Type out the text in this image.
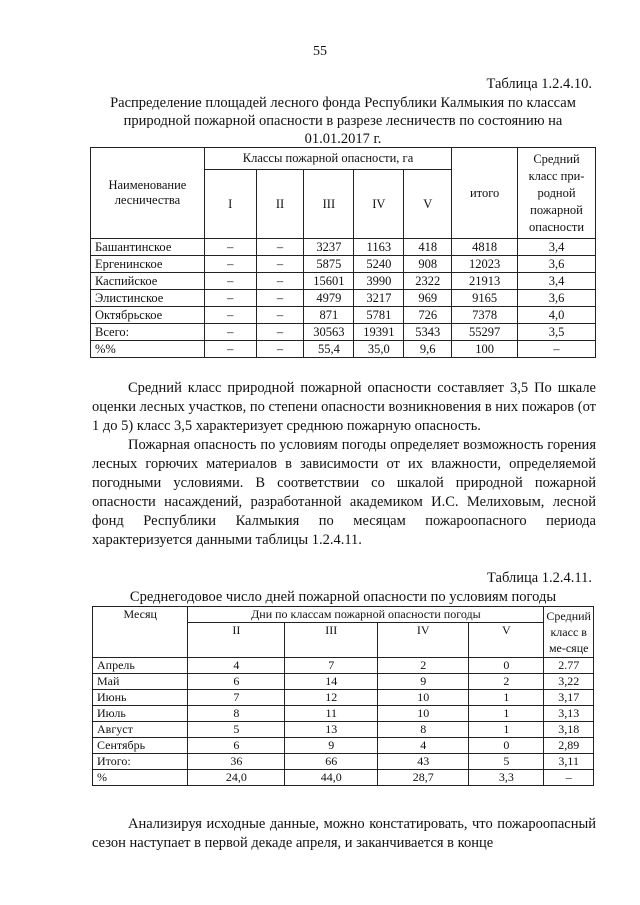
55
Таблица 1.2.4.10.
Распределение площадей лесного фонда Республики Калмыкия по классам природной пожарной опасности в разрезе лесничеств по состоянию на 01.01.2017 г.
Наименование лесничества	Классы пожарной опасности, га					итого	Средний класс при-родной пожарной опасности
	I	II	III	IV	V		
Башантинское	–	–	3237	1163	418	4818	3,4
Ергенинское	–	–	5875	5240	908	12023	3,6
Каспийское	–	–	15601	3990	2322	21913	3,4
Элистинское	–	–	4979	3217	969	9165	3,6
Октябрьское	–	–	871	5781	726	7378	4,0
Всего:	–	–	30563	19391	5343	55297	3,5
%%	–	–	55,4	35,0	9,6	100	–

Средний класс природной пожарной опасности составляет 3,5 По шкале оценки лесных участков, по степени опасности возникновения в них пожаров (от 1 до 5) класс 3,5 характеризует среднюю пожарную опасность.

Пожарная опасность по условиям погоды определяет возможность горения лесных горючих материалов в зависимости от их влажности, определяемой погодными условиями. В соответствии со шкалой природной пожарной опасности насаждений, разработанной академиком И.С. Мелиховым, лесной фонд Республики Калмыкия по месяцам пожароопасного периода характеризуется данными таблицы 1.2.4.11.

Таблица 1.2.4.11.
Среднегодовое число дней пожарной опасности по условиям погоды
Месяц	Дни по классам пожарной опасности погоды				Средний класс в ме-сяце
	II	III	IV	V	
Апрель	4	7	2	0	2.77
Май	6	14	9	2	3,22
Июнь	7	12	10	1	3,17
Июль	8	11	10	1	3,13
Август	5	13	8	1	3,18
Сентябрь	6	9	4	0	2,89
Итого:	36	66	43	5	3,11
%	24,0	44,0	28,7	3,3	–

Анализируя исходные данные, можно констатировать, что пожароопасный сезон наступает в первой декаде апреля, и заканчивается в конце
